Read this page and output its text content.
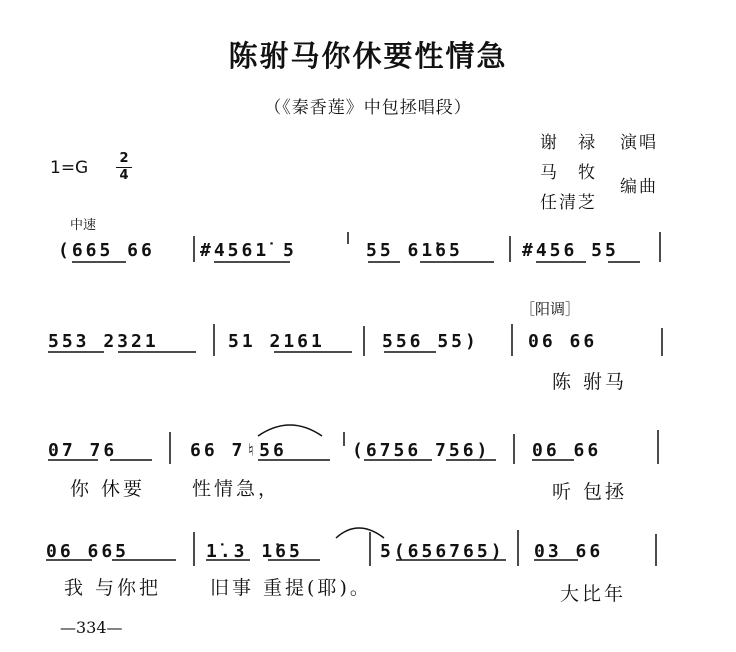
陈驸马你休要性情急
（《秦香莲》中包拯唱段）
谢　禄 演唱
马　牧
任清芝
编曲
1=G 2
4
中速
［阳调］
(665 66	#4561̇ 5	55 61̇65	#456 55
553 2321	51 2161	556 55)	06 66
陈 驸马
07 76	66 7♮56	(6756 756) 06 66
你 休要 性情急，	听 包拯
06 665	1̇.3 1̇65	5(656765) 03 66
我 与你把	旧事 重提(耶)。	大比年
—334—
